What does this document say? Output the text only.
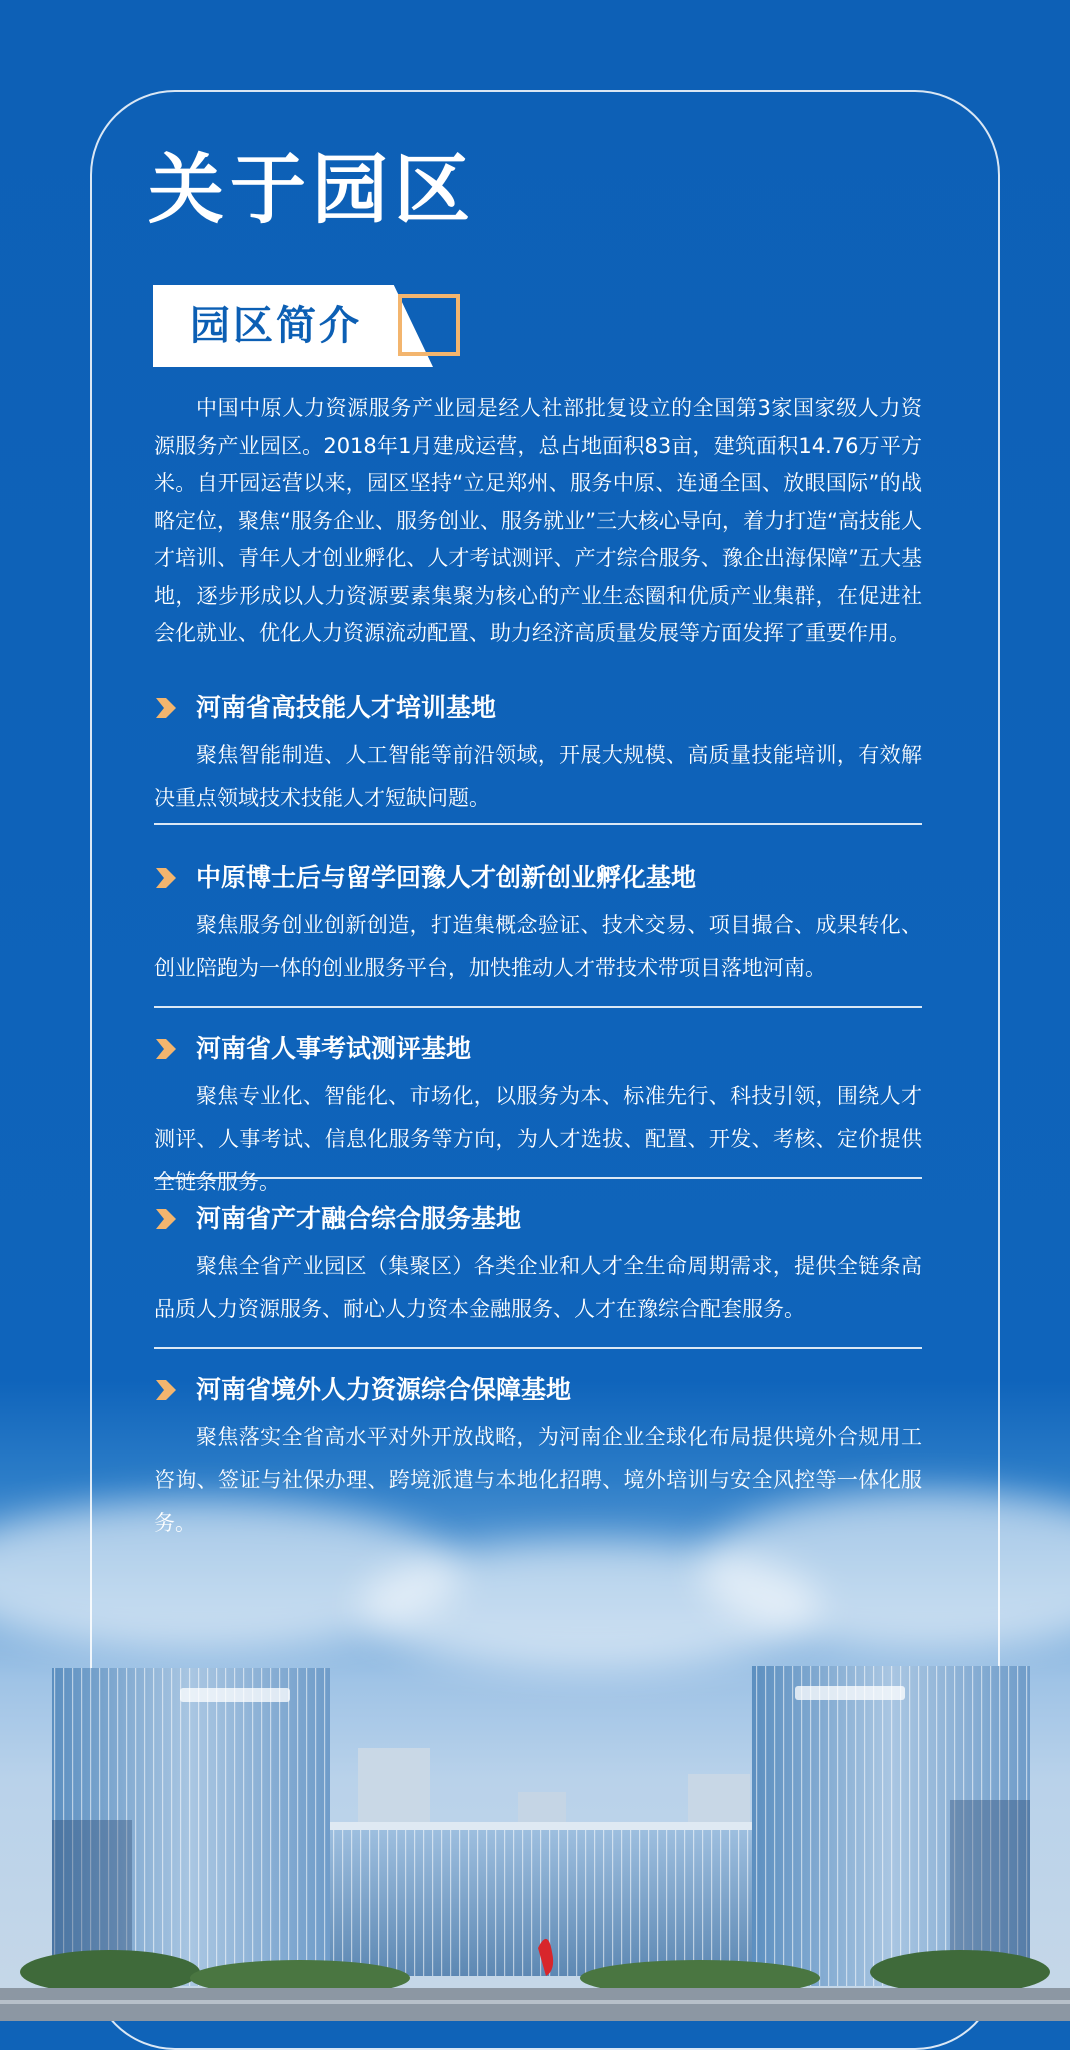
关于园区
园区简介

中国中原人力资源服务产业园是经人社部批复设立的全国第3家国家级人力资源服务产业园区。2018年1月建成运营，总占地面积83亩，建筑面积14.76万平方米。自开园运营以来，园区坚持“立足郑州、服务中原、连通全国、放眼国际”的战略定位，聚焦“服务企业、服务创业、服务就业”三大核心导向，着力打造“高技能人才培训、青年人才创业孵化、人才考试测评、产才综合服务、豫企出海保障”五大基地，逐步形成以人力资源要素集聚为核心的产业生态圈和优质产业集群，在促进社会化就业、优化人力资源流动配置、助力经济高质量发展等方面发挥了重要作用。

河南省高技能人才培训基地

聚焦智能制造、人工智能等前沿领域，开展大规模、高质量技能培训，有效解决重点领域技术技能人才短缺问题。

中原博士后与留学回豫人才创新创业孵化基地

聚焦服务创业创新创造，打造集概念验证、技术交易、项目撮合、成果转化、创业陪跑为一体的创业服务平台，加快推动人才带技术带项目落地河南。

河南省人事考试测评基地

聚焦专业化、智能化、市场化，以服务为本、标准先行、科技引领，围绕人才测评、人事考试、信息化服务等方向，为人才选拔、配置、开发、考核、定价提供全链条服务。

河南省产才融合综合服务基地

聚焦全省产业园区（集聚区）各类企业和人才全生命周期需求，提供全链条高品质人力资源服务、耐心人力资本金融服务、人才在豫综合配套服务。

河南省境外人力资源综合保障基地

聚焦落实全省高水平对外开放战略，为河南企业全球化布局提供境外合规用工咨询、签证与社保办理、跨境派遣与本地化招聘、境外培训与安全风控等一体化服务。
